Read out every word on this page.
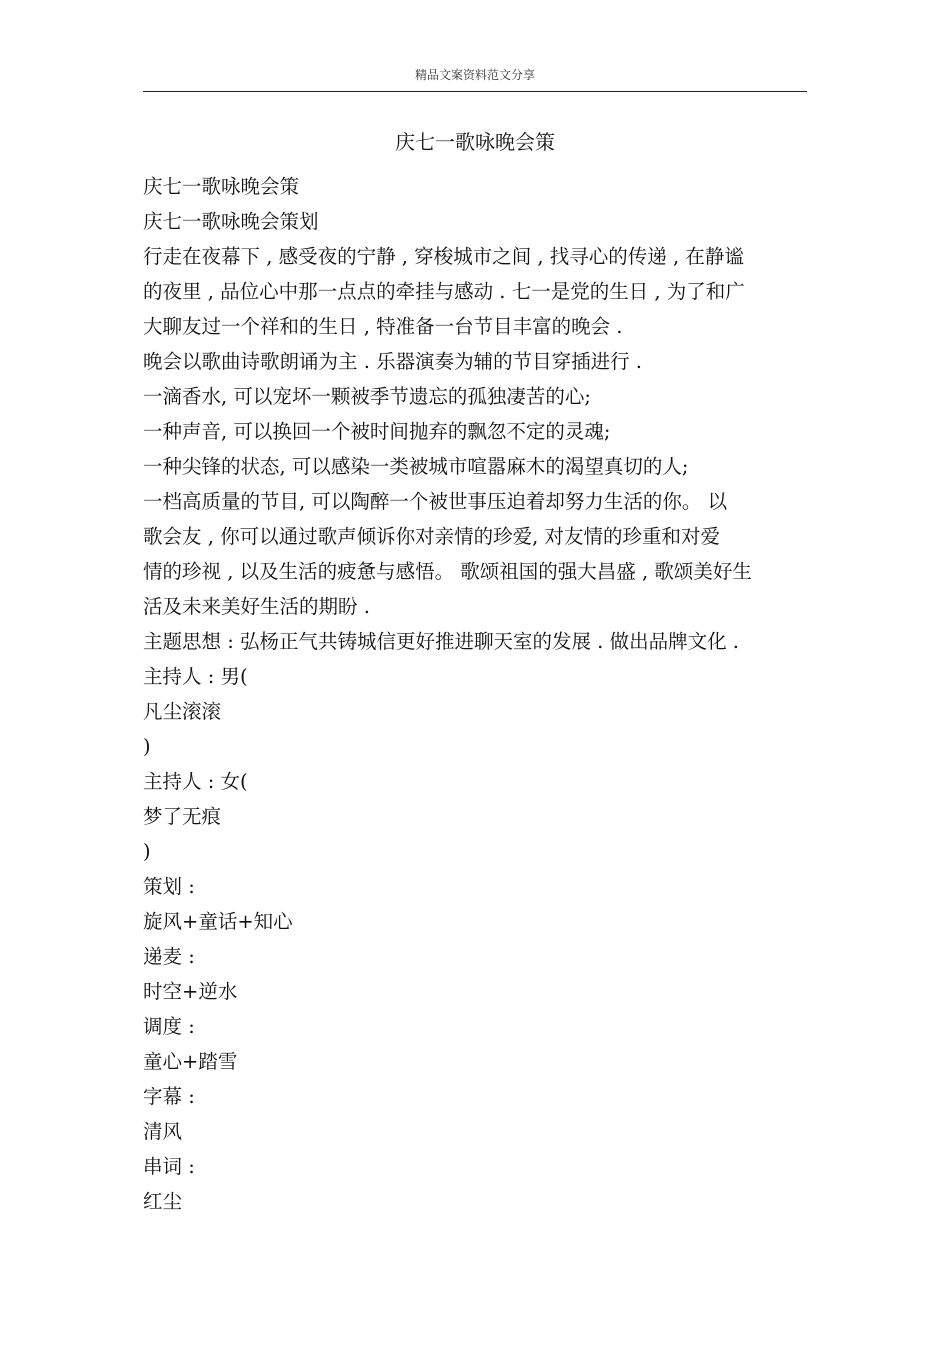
精品文案资料范文分享
庆七一歌咏晚会策
庆七一歌咏晚会策
庆七一歌咏晚会策划
行走在夜幕下 , 感受夜的宁静 , 穿梭城市之间 , 找寻心的传递 , 在静谧
的夜里 , 品位心中那一点点的牵挂与感动 . 七一是党的生日 , 为了和广
大聊友过一个祥和的生日 , 特准备一台节目丰富的晚会 .
晚会以歌曲诗歌朗诵为主 . 乐器演奏为辅的节目穿插进行 .
一滴香水, 可以宠坏一颗被季节遗忘的孤独凄苦的心;
一种声音, 可以换回一个被时间抛弃的飘忽不定的灵魂;
一种尖锋的状态, 可以感染一类被城市喧嚣麻木的渴望真切的人;
一档高质量的节目, 可以陶醉一个被世事压迫着却努力生活的你。 以
歌会友 , 你可以通过歌声倾诉你对亲情的珍爱, 对友情的珍重和对爱
情的珍视 , 以及生活的疲惫与感悟。 歌颂祖国的强大昌盛 , 歌颂美好生
活及未来美好生活的期盼 .
主题思想 : 弘杨正气共铸城信更好推进聊天室的发展 . 做出品牌文化 .
主持人 : 男(
凡尘滚滚
)
主持人 : 女(
梦了无痕
)
策划 :
旋风+童话+知心
递麦 :
时空+逆水
调度 :
童心+踏雪
字幕 :
清风
串词 :
红尘
